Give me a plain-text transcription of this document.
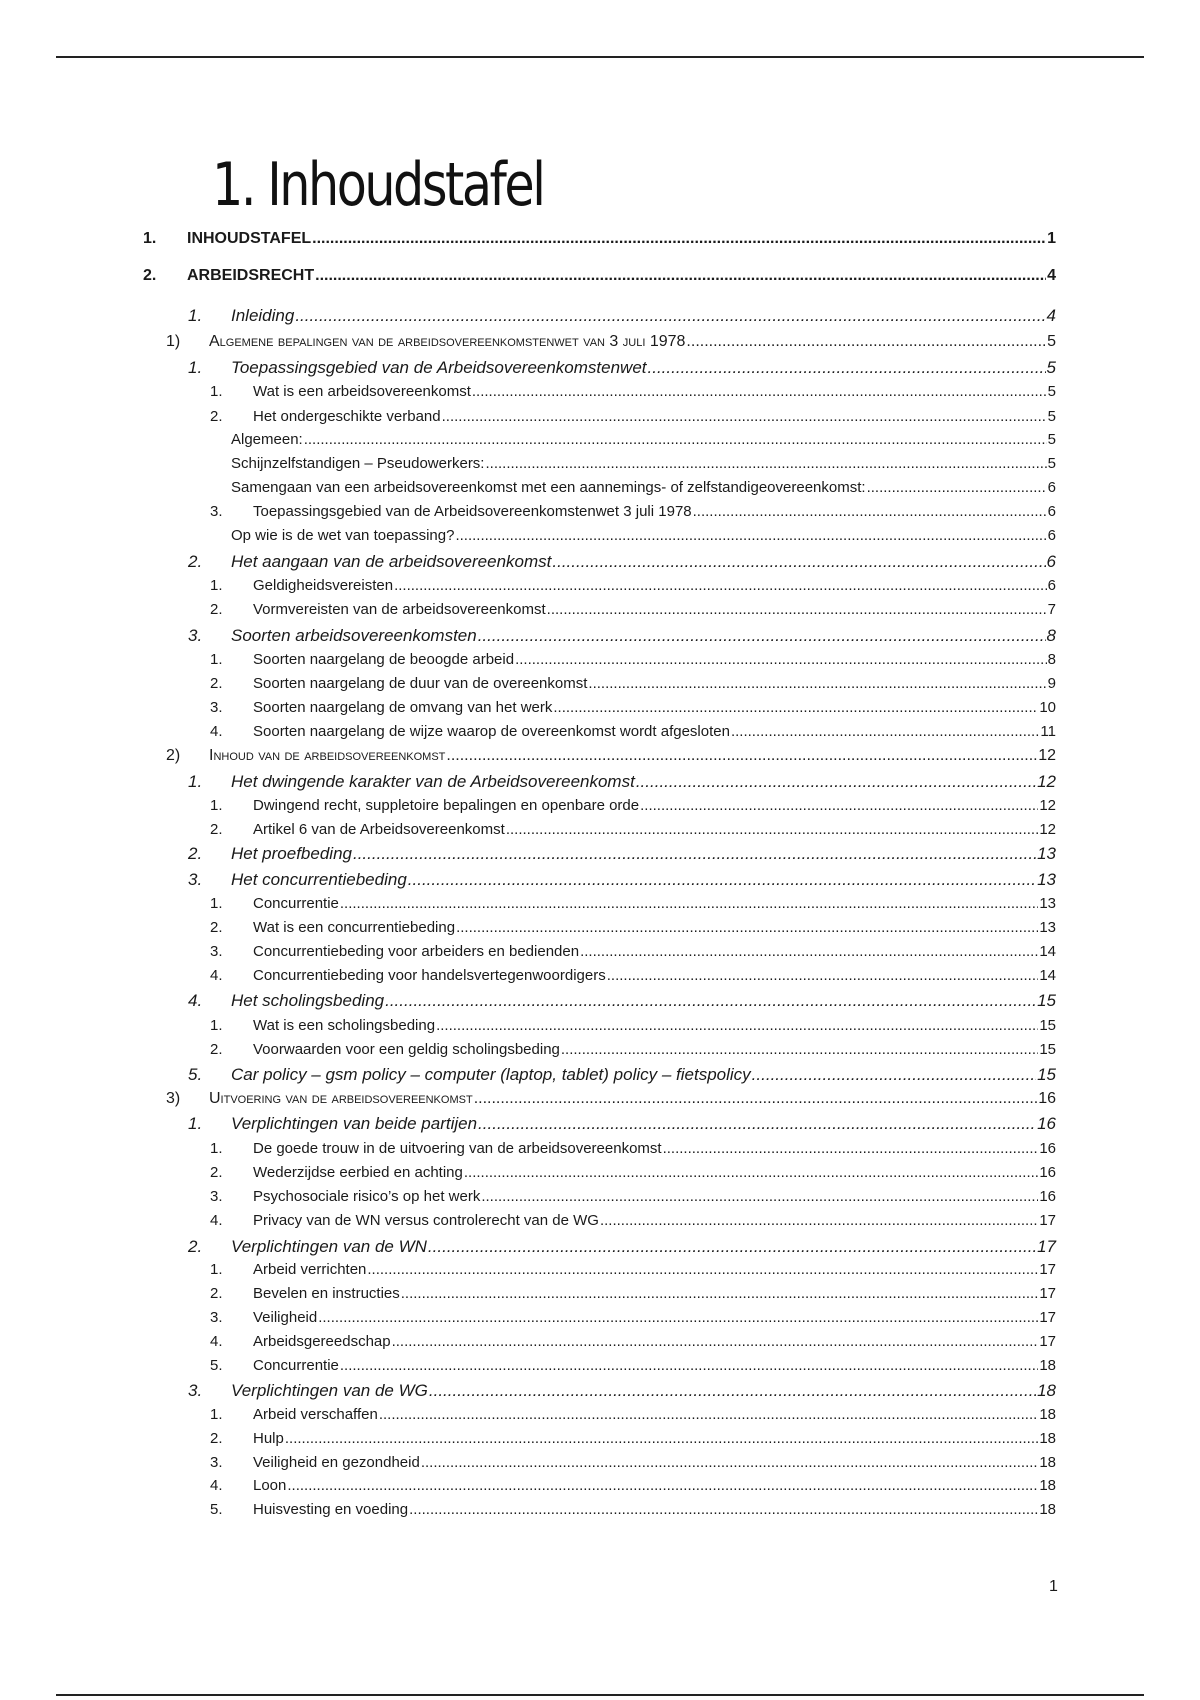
1. Inhoudstafel
1. INHOUDSTAFEL .....	1
2. ARBEIDSRECHT .....	4
1. Inleiding .....	4
1) Algemene bepalingen van de arbeidsovereenkomstenwet van 3 juli 1978 .....	5
1. Toepassingsgebied van de Arbeidsovereenkomstenwet .....	5
1. Wat is een arbeidsovereenkomst .....	5
2. Het ondergeschikte verband .....	5
Algemeen: .....	5
Schijnzelfstandigen – Pseudowerkers: .....	5
Samengaan van een arbeidsovereenkomst met een aannemings- of zelfstandigeovereenkomst: .....	6
3. Toepassingsgebied van de Arbeidsovereenkomstenwet 3 juli 1978 .....	6
Op wie is de wet van toepassing? .....	6
2. Het aangaan van de arbeidsovereenkomst .....	6
1. Geldigheidsvereisten .....	6
2. Vormvereisten van de arbeidsovereenkomst .....	7
3. Soorten arbeidsovereenkomsten .....	8
1. Soorten naargelang de beoogde arbeid .....	8
2. Soorten naargelang de duur van de overeenkomst .....	9
3. Soorten naargelang de omvang van het werk .....	10
4. Soorten naargelang de wijze waarop de overeenkomst wordt afgesloten .....	11
2) Inhoud van de arbeidsovereenkomst .....	12
1. Het dwingende karakter van de Arbeidsovereenkomst .....	12
1. Dwingend recht, suppletoire bepalingen en openbare orde .....	12
2. Artikel 6 van de Arbeidsovereenkomst .....	12
2. Het proefbeding .....	13
3. Het concurrentiebeding .....	13
1. Concurrentie .....	13
2. Wat is een concurrentiebeding .....	13
3. Concurrentiebeding voor arbeiders en bedienden .....	14
4. Concurrentiebeding voor handelsvertegenwoordigers .....	14
4. Het scholingsbeding .....	15
1. Wat is een scholingsbeding .....	15
2. Voorwaarden voor een geldig scholingsbeding .....	15
5. Car policy – gsm policy – computer (laptop, tablet) policy – fietspolicy .....	15
3) Uitvoering van de arbeidsovereenkomst .....	16
1. Verplichtingen van beide partijen .....	16
1. De goede trouw in de uitvoering van de arbeidsovereenkomst .....	16
2. Wederzijdse eerbied en achting .....	16
3. Psychosociale risico’s op het werk .....	16
4. Privacy van de WN versus controlerecht van de WG .....	17
2. Verplichtingen van de WN .....	17
1. Arbeid verrichten .....	17
2. Bevelen en instructies .....	17
3. Veiligheid .....	17
4. Arbeidsgereedschap .....	17
5. Concurrentie .....	18
3. Verplichtingen van de WG .....	18
1. Arbeid verschaffen .....	18
2. Hulp .....	18
3. Veiligheid en gezondheid .....	18
4. Loon .....	18
5. Huisvesting en voeding .....	18
1
